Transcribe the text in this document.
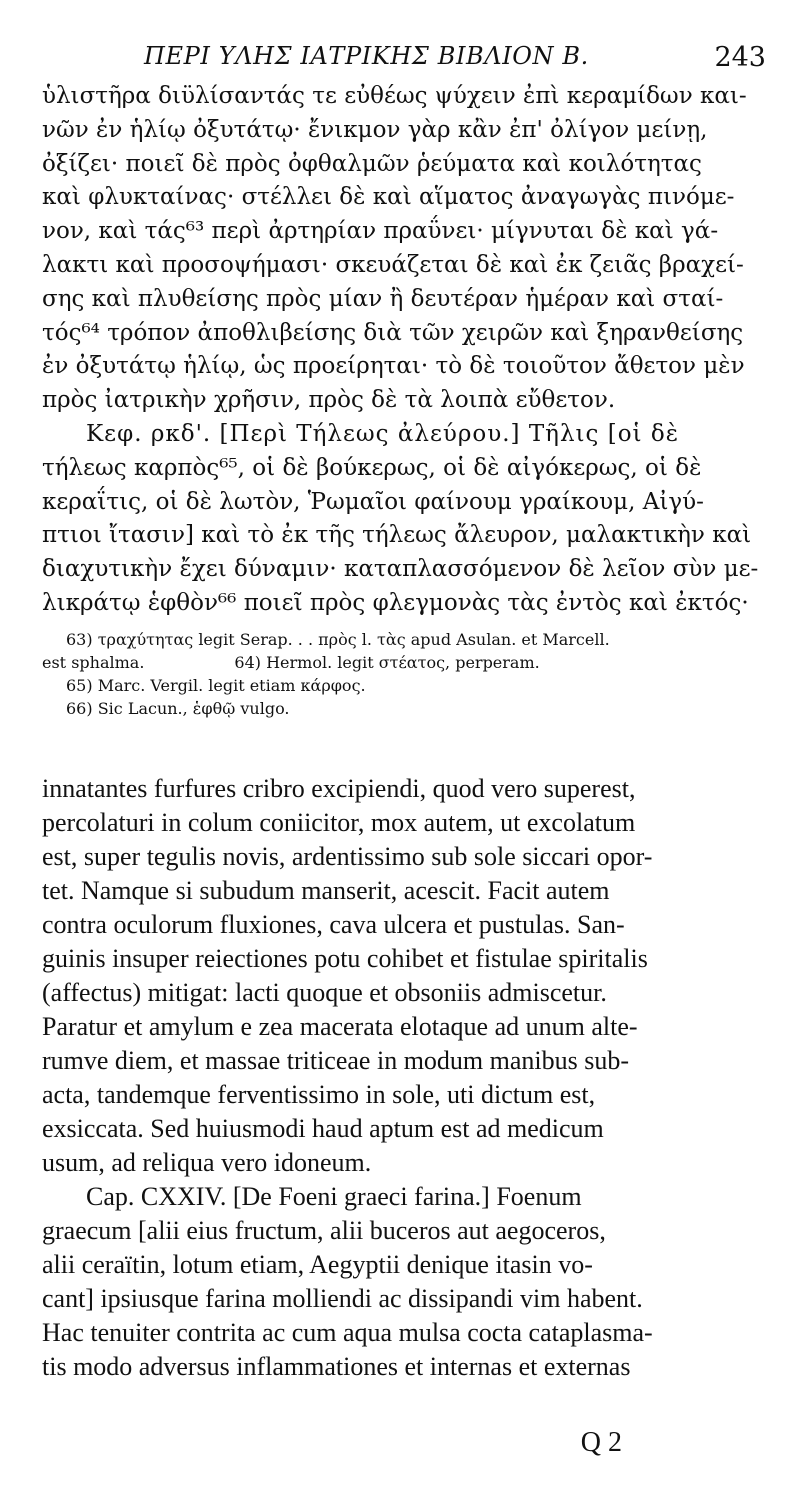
ΠΕΡΙ ΥΛΗΣ ΙΑΤΡΙΚΗΣ ΒΙΒΛΙΟΝ Β.	243
ὑλιστῆρα διϋλίσαντάς τε εὐθέως ψύχειν ἐπὶ κεραμίδων και-
νῶν ἐν ἡλίῳ ὀξυτάτῳ· ἔνικμον γὰρ κἂν ἐπ' ὀλίγον μείνῃ,
ὀξίζει· ποιεῖ δὲ πρὸς ὀφθαλμῶν ῥεύματα καὶ κοιλότητας
καὶ φλυκταίνας· στέλλει δὲ καὶ αἵματος ἀναγωγὰς πινόμε-
νον, καὶ τάς⁶³ περὶ ἀρτηρίαν πραΰνει· μίγνυται δὲ καὶ γά-
λακτι καὶ προσοψήμασι· σκευάζεται δὲ καὶ ἐκ ζειᾶς βραχεί-
σης καὶ πλυθείσης πρὸς μίαν ἢ δευτέραν ἡμέραν καὶ σταί-
τός⁶⁴ τρόπον ἀποθλιβείσης διὰ τῶν χειρῶν καὶ ξηρανθείσης
ἐν ὀξυτάτῳ ἡλίῳ, ὡς προείρηται· τὸ δὲ τοιοῦτον ἄθετον μὲν
πρὸς ἰατρικὴν χρῆσιν, πρὸς δὲ τὰ λοιπὰ εὔθετον.
Κεφ. ρκδ'. [Περὶ Τήλεως ἀλεύρου.] Τῆλις [οἱ δὲ
τήλεως καρπὸς⁶⁵, οἱ δὲ βούκερως, οἱ δὲ αἰγόκερως, οἱ δὲ
κεραΐτις, οἱ δὲ λωτὸν, Ῥωμαῖοι φαίνουμ γραίκουμ, Αἰγύ-
πτιοι ἴτασιν] καὶ τὸ ἐκ τῆς τήλεως ἄλευρον, μαλακτικὴν καὶ
διαχυτικὴν ἔχει δύναμιν· καταπλασσόμενον δὲ λεῖον σὺν με-
λικράτῳ ἑφθὸν⁶⁶ ποιεῖ πρὸς φλεγμονὰς τὰς ἐντὸς καὶ ἐκτός·
63) τραχύτητας legit Serap. . . πρὸς l. τὰς apud Asulan. et Marcell.
est sphalma.	64) Hermol. legit στέατος, perperam.
65) Marc. Vergil. legit etiam κάρφος.
66) Sic Lacun., ἑφθῷ vulgo.
innatantes furfures cribro excipiendi, quod vero superest,
percolaturi in colum coniicitor, mox autem, ut excolatum
est, super tegulis novis, ardentissimo sub sole siccari opor-
tet. Namque si subudum manserit, acescit. Facit autem
contra oculorum fluxiones, cava ulcera et pustulas. San-
guinis insuper reiectiones potu cohibet et fistulae spiritalis
(affectus) mitigat: lacti quoque et obsoniis admiscetur.
Paratur et amylum e zea macerata elotaque ad unum alte-
rumve diem, et massae triticeae in modum manibus sub-
acta, tandemque ferventissimo in sole, uti dictum est,
exsiccata. Sed huiusmodi haud aptum est ad medicum
usum, ad reliqua vero idoneum.
Cap. CXXIV. [De Foeni graeci farina.] Foenum
graecum [alii eius fructum, alii buceros aut aegoceros,
alii ceraïtin, lotum etiam, Aegyptii denique itasin vo-
cant] ipsiusque farina molliendi ac dissipandi vim habent.
Hac tenuiter contrita ac cum aqua mulsa cocta cataplasma-
tis modo adversus inflammationes et internas et externas
Q 2
